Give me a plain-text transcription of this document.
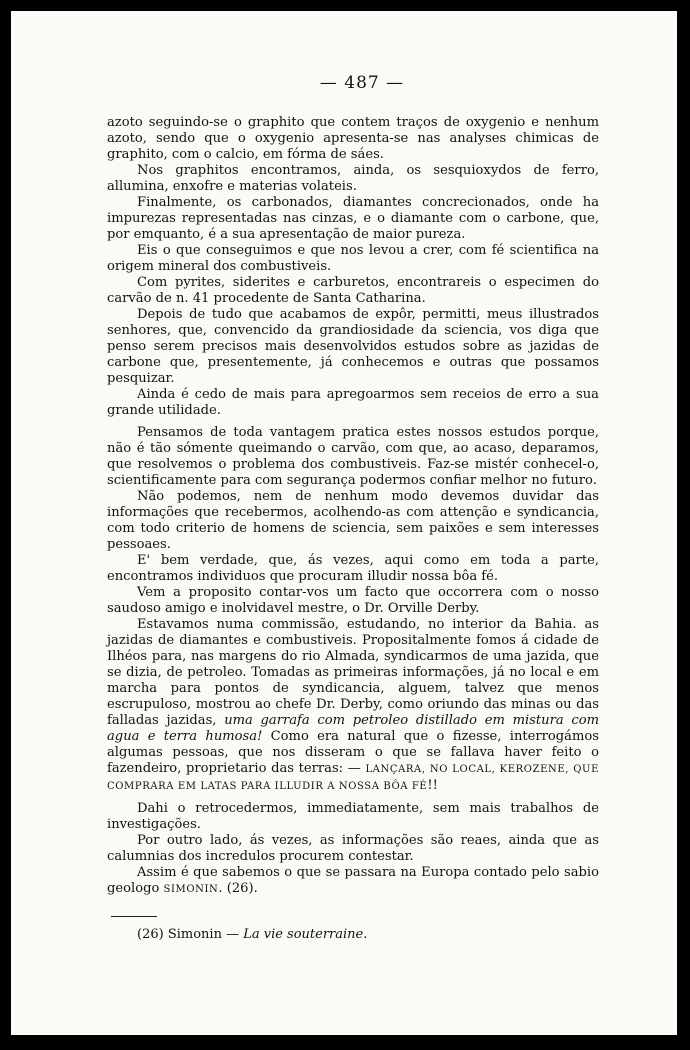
— 487 —

azoto seguindo-se o graphito que contem traços de oxygenio e nenhum azoto, sendo que o oxygenio apresenta-se nas analyses chimicas de graphito, com o calcio, em fórma de sáes.

Nos graphitos encontramos, ainda, os sesquioxydos de ferro, allumina, enxofre e materias volateis.

Finalmente, os carbonados, diamantes concrecionados, onde ha impurezas representadas nas cinzas, e o diamante com o carbone, que, por emquanto, é a sua apresentação de maior pureza.

Eis o que conseguimos e que nos levou a crer, com fé scientifica na origem mineral dos combustiveis.

Com pyrites, siderites e carburetos, encontrareis o especimen do carvão de n. 41 procedente de Santa Catharina.

Depois de tudo que acabamos de expôr, permitti, meus illustrados senhores, que, convencido da grandiosidade da sciencia, vos diga que penso serem precisos mais desenvolvidos estudos sobre as jazidas de carbone que, presentemente, já conhecemos e outras que possamos pesquizar.

Ainda é cedo de mais para apregoarmos sem receios de erro a sua grande utilidade.

Pensamos de toda vantagem pratica estes nossos estudos porque, não é tão sómente queimando o carvão, com que, ao acaso, deparamos, que resolvemos o problema dos combustiveis. Faz-se mistér conhecel-o, scientificamente para com segurança podermos confiar melhor no futuro.

Não podemos, nem de nenhum modo devemos duvidar das informações que recebermos, acolhendo-as com attenção e syndicancia, com todo criterio de homens de sciencia, sem paixões e sem interesses pessoaes.

E' bem verdade, que, ás vezes, aqui como em toda a parte, encontramos individuos que procuram illudir nossa bôa fé.

Vem a proposito contar-vos um facto que occorrera com o nosso saudoso amigo e inolvidavel mestre, o Dr. Orville Derby.

Estavamos numa commissão, estudando, no interior da Bahia. as jazidas de diamantes e combustiveis. Propositalmente fomos á cidade de Ilhéos para, nas margens do rio Almada, syndicarmos de uma jazida, que se dizia, de petroleo. Tomadas as primeiras informações, já no local e em marcha para pontos de syndicancia, alguem, talvez que menos escrupuloso, mostrou ao chefe Dr. Derby, como oriundo das minas ou das falladas jazidas, uma garrafa com petroleo distillado em mistura com agua e terra humosa! Como era natural que o fizesse, interrogámos algumas pessoas, que nos disseram o que se fallava haver feito o fazendeiro, proprietario das terras: — LANÇARA, NO LOCAL, KEROZENE, QUE COMPRARA EM LATAS PARA ILLUDIR A NOSSA BÔA FÉ!!

Dahi o retrocedermos, immediatamente, sem mais trabalhos de investigações.

Por outro lado, ás vezes, as informações são reaes, ainda que as calumnias dos incredulos procurem contestar.

Assim é que sabemos o que se passara na Europa contado pelo sabio geologo SIMONIN. (26).

(26) Simonin — La vie souterraine.
